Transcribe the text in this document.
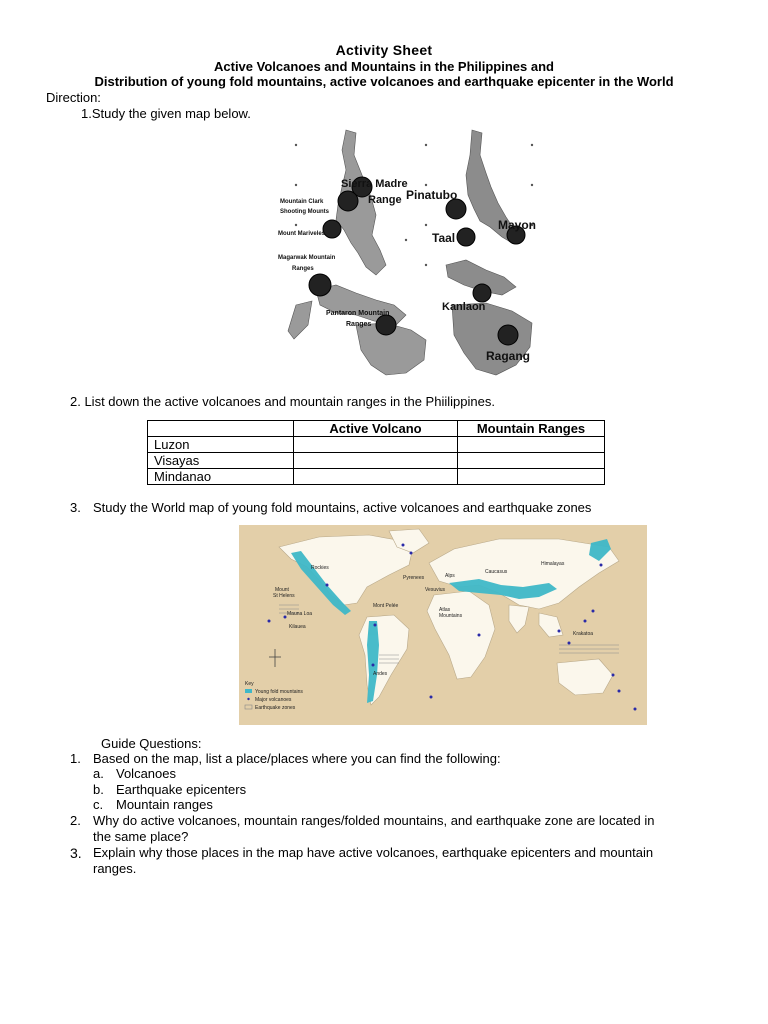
Activity Sheet
Active Volcanoes and Mountains in the Philippines and
Distribution of young fold mountains, active volcanoes and earthquake epicenter in the World
Direction:
1.Study the given map below.
Sierra Madre
Range Pinatubo
Mountain Clark
Shooting Mounts
Mount Mariveles
Magarwak Mountain
Ranges
Mayon
Taal
Kanlaon
Pantaron Mountain
Ranges
Ragang
2. List down the active volcanoes and mountain ranges in the Phiilippines.
	Active Volcano	Mountain Ranges
Luzon		
Visayas		
Mindanao		
3. Study the World map of young fold mountains, active volcanoes and earthquake zones
Rockies
Mount
St Helens
Mauna Loa
Kilauea
Mont Pelée
Andes
Pyrenees	Alps
Vesuvius
Caucasus
Himalayas
Atlas
Mountains
Krakatoa
Key
Young fold mountains
Major volcanoes
Earthquake zones
Guide Questions:
1. Based on the map, list a place/places where you can find the following:
a. Volcanoes
b. Earthquake epicenters
c. Mountain ranges
2. Why do active volcanoes, mountain ranges/folded mountains, and earthquake zone are located in
the same place?
3. Explain why those places in the map have active volcanoes, earthquake epicenters and mountain
ranges.
